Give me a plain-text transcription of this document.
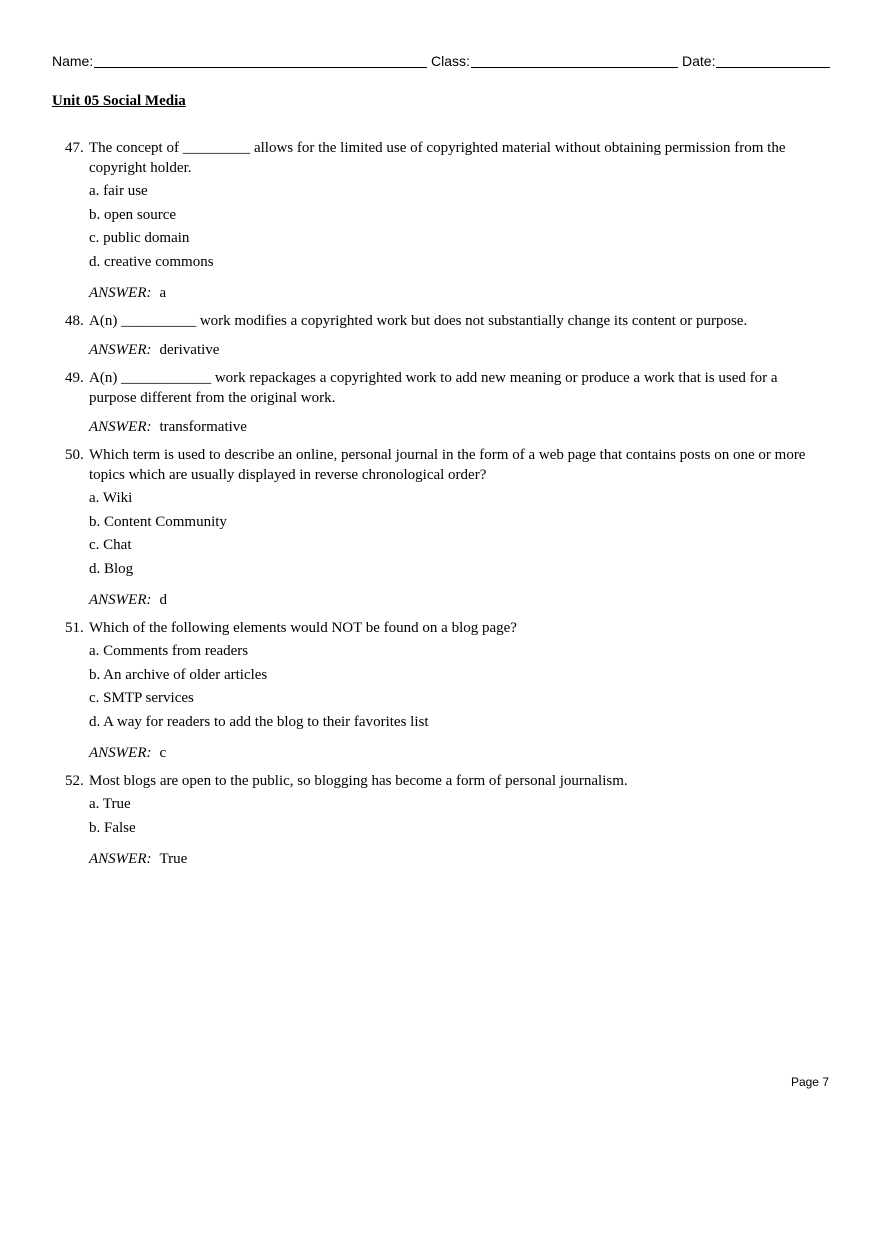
Name:	Class:	Date:
Unit 05 Social Media
47. The concept of _________ allows for the limited use of copyrighted material without obtaining permission from the copyright holder.
a. fair use
b. open source
c. public domain
d. creative commons
ANSWER: a
48. A(n) __________ work modifies a copyrighted work but does not substantially change its content or purpose.
ANSWER: derivative
49. A(n) ____________ work repackages a copyrighted work to add new meaning or produce a work that is used for a purpose different from the original work.
ANSWER: transformative
50. Which term is used to describe an online, personal journal in the form of a web page that contains posts on one or more topics which are usually displayed in reverse chronological order?
a. Wiki
b. Content Community
c. Chat
d. Blog
ANSWER: d
51. Which of the following elements would NOT be found on a blog page?
a. Comments from readers
b. An archive of older articles
c. SMTP services
d. A way for readers to add the blog to their favorites list
ANSWER: c
52. Most blogs are open to the public, so blogging has become a form of personal journalism.
a. True
b. False
ANSWER: True
Page 7
